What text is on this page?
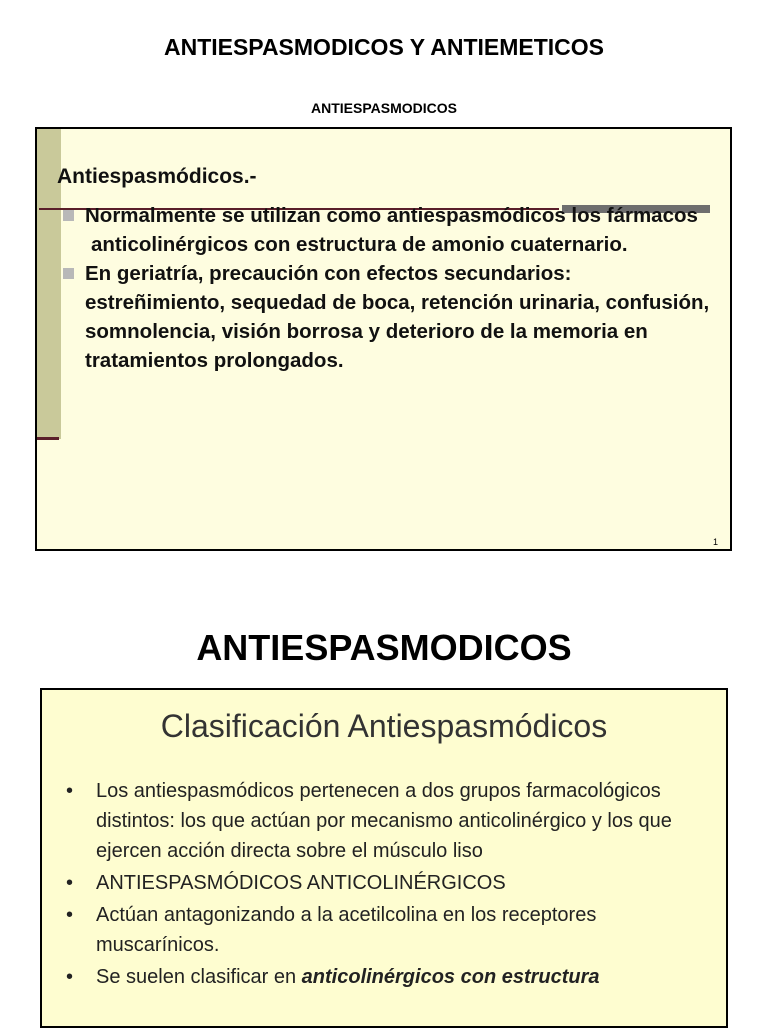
ANTIESPASMODICOS Y ANTIEMETICOS
ANTIESPASMODICOS
Antiespasmódicos.-
Normalmente se utilizan como antiespasmódicos los fármacos
anticolinérgicos con estructura de amonio cuaternario.
En geriatría, precaución con efectos secundarios: estreñimiento, sequedad de boca, retención urinaria, confusión, somnolencia, visión borrosa y deterioro de la memoria en tratamientos prolongados.
1
ANTIESPASMODICOS
Clasificación Antiespasmódicos
• Los antiespasmódicos pertenecen a dos grupos farmacológicos distintos: los que actúan por mecanismo anticolinérgico y los que ejercen acción directa sobre el músculo liso
• ANTIESPASMÓDICOS ANTICOLINÉRGICOS
• Actúan antagonizando a la acetilcolina en los receptores muscarínicos.
• Se suelen clasificar en anticolinérgicos con estructura
